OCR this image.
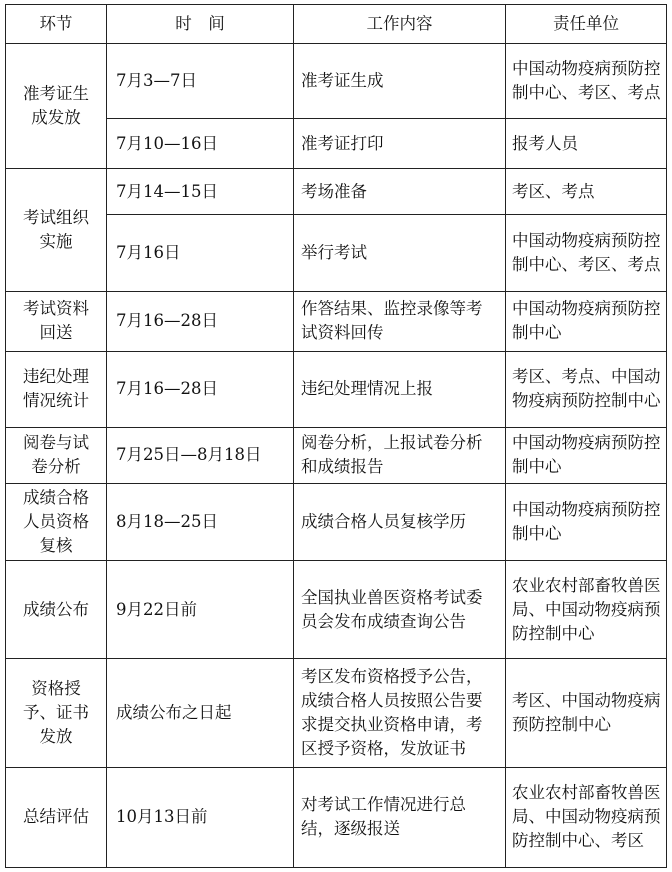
环节	时　间	工作内容	责任单位
准考证生成发放	7月3—7日	准考证生成	中国动物疫病预防控制中心、考区、考点
	7月10—16日	准考证打印	报考人员
考试组织实施	7月14—15日	考场准备	考区、考点
	7月16日	举行考试	中国动物疫病预防控制中心、考区、考点
考试资料回送	7月16—28日	作答结果、监控录像等考试资料回传	中国动物疫病预防控制中心
违纪处理情况统计	7月16—28日	违纪处理情况上报	考区、考点、中国动物疫病预防控制中心
阅卷与试卷分析	7月25日—8月18日	阅卷分析，上报试卷分析和成绩报告	中国动物疫病预防控制中心
成绩合格人员资格复核	8月18—25日	成绩合格人员复核学历	中国动物疫病预防控制中心
成绩公布	9月22日前	全国执业兽医资格考试委员会发布成绩查询公告	农业农村部畜牧兽医局、中国动物疫病预防控制中心
资格授予、证书发放	成绩公布之日起	考区发布资格授予公告，成绩合格人员按照公告要求提交执业资格申请，考区授予资格，发放证书	考区、中国动物疫病预防控制中心
总结评估	10月13日前	对考试工作情况进行总结，逐级报送	农业农村部畜牧兽医局、中国动物疫病预防控制中心、考区
